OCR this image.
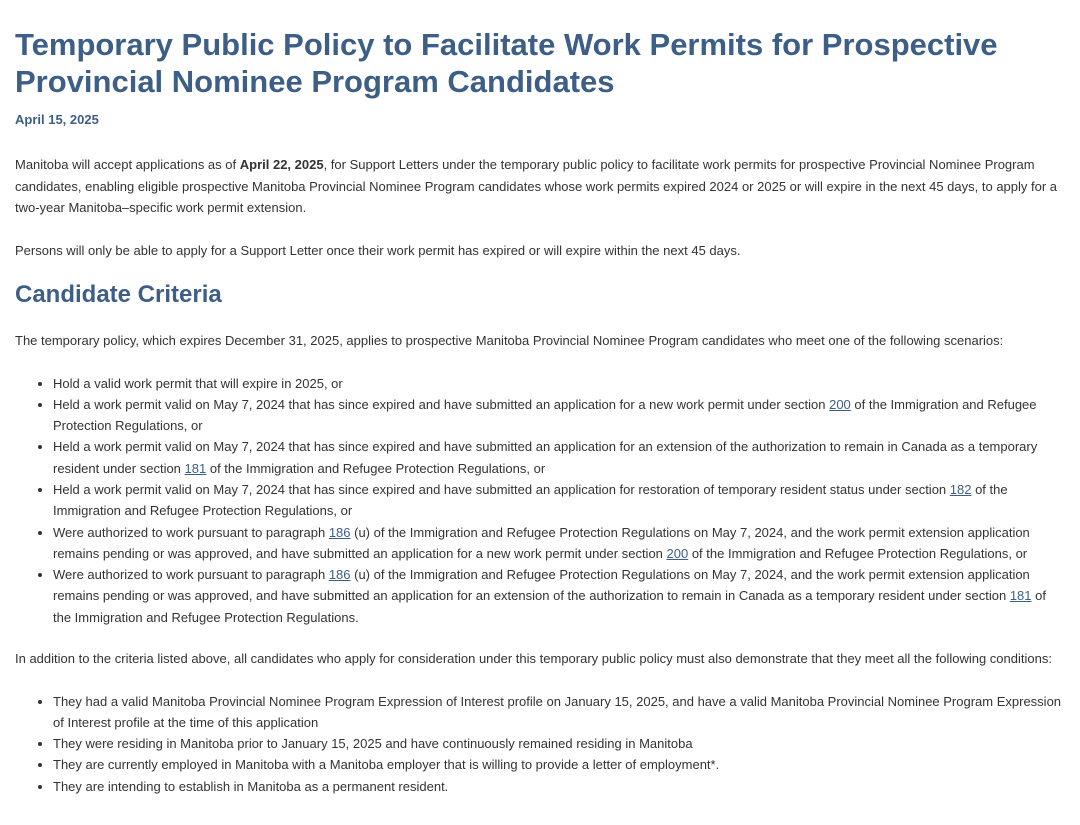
Temporary Public Policy to Facilitate Work Permits for Prospective Provincial Nominee Program Candidates
April 15, 2025

Manitoba will accept applications as of April 22, 2025, for Support Letters under the temporary public policy to facilitate work permits for prospective Provincial Nominee Program candidates, enabling eligible prospective Manitoba Provincial Nominee Program candidates whose work permits expired 2024 or 2025 or will expire in the next 45 days, to apply for a two-year Manitoba–specific work permit extension.

Persons will only be able to apply for a Support Letter once their work permit has expired or will expire within the next 45 days.

Candidate Criteria

The temporary policy, which expires December 31, 2025, applies to prospective Manitoba Provincial Nominee Program candidates who meet one of the following scenarios:

• Hold a valid work permit that will expire in 2025, or
• Held a work permit valid on May 7, 2024 that has since expired and have submitted an application for a new work permit under section 200 of the Immigration and Refugee Protection Regulations, or
• Held a work permit valid on May 7, 2024 that has since expired and have submitted an application for an extension of the authorization to remain in Canada as a temporary resident under section 181 of the Immigration and Refugee Protection Regulations, or
• Held a work permit valid on May 7, 2024 that has since expired and have submitted an application for restoration of temporary resident status under section 182 of the Immigration and Refugee Protection Regulations, or
• Were authorized to work pursuant to paragraph 186 (u) of the Immigration and Refugee Protection Regulations on May 7, 2024, and the work permit extension application remains pending or was approved, and have submitted an application for a new work permit under section 200 of the Immigration and Refugee Protection Regulations, or
• Were authorized to work pursuant to paragraph 186 (u) of the Immigration and Refugee Protection Regulations on May 7, 2024, and the work permit extension application remains pending or was approved, and have submitted an application for an extension of the authorization to remain in Canada as a temporary resident under section 181 of the Immigration and Refugee Protection Regulations.

In addition to the criteria listed above, all candidates who apply for consideration under this temporary public policy must also demonstrate that they meet all the following conditions:

• They had a valid Manitoba Provincial Nominee Program Expression of Interest profile on January 15, 2025, and have a valid Manitoba Provincial Nominee Program Expression of Interest profile at the time of this application
• They were residing in Manitoba prior to January 15, 2025 and have continuously remained residing in Manitoba
• They are currently employed in Manitoba with a Manitoba employer that is willing to provide a letter of employment*.
• They are intending to establish in Manitoba as a permanent resident.
